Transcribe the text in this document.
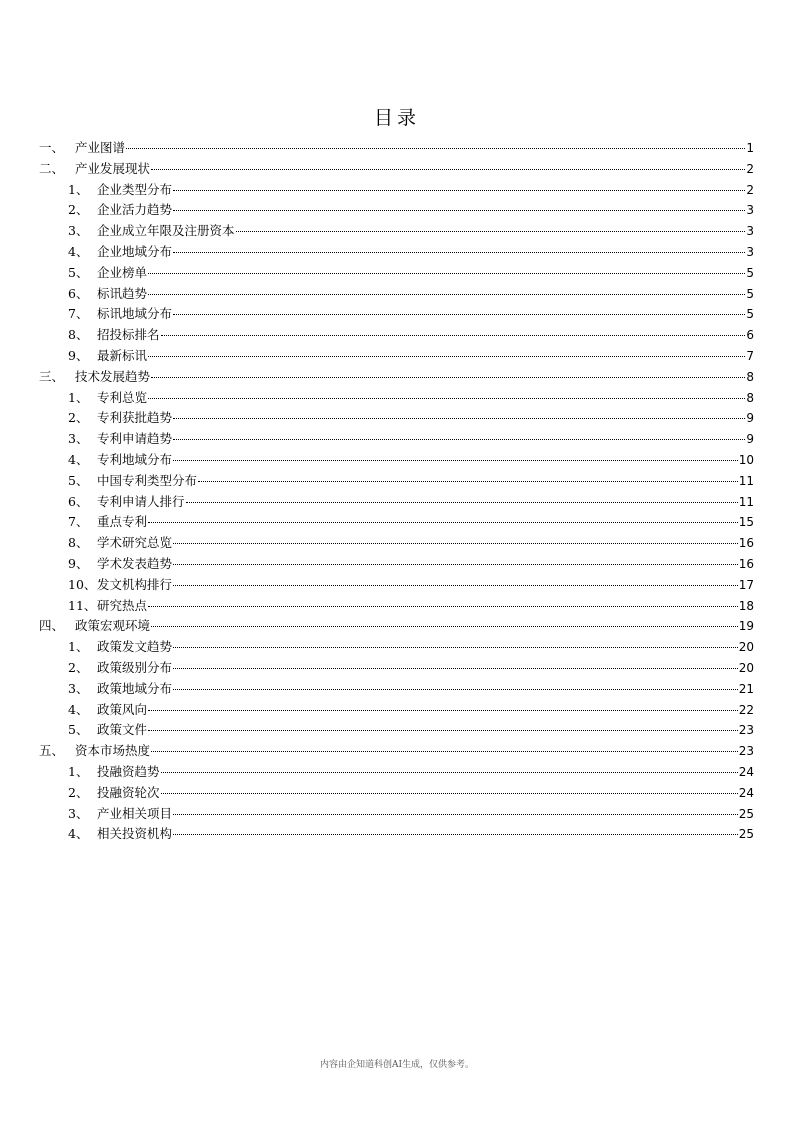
目录
一、 产业图谱	1
二、 产业发展现状	2
1、 企业类型分布	2
2、 企业活力趋势	3
3、 企业成立年限及注册资本	3
4、 企业地域分布	3
5、 企业榜单	5
6、 标讯趋势	5
7、 标讯地域分布	5
8、 招投标排名	6
9、 最新标讯	7
三、 技术发展趋势	8
1、 专利总览	8
2、 专利获批趋势	9
3、 专利申请趋势	9
4、 专利地域分布	10
5、 中国专利类型分布	11
6、 专利申请人排行	11
7、 重点专利	15
8、 学术研究总览	16
9、 学术发表趋势	16
10、 发文机构排行	17
11、 研究热点	18
四、 政策宏观环境	19
1、 政策发文趋势	20
2、 政策级别分布	20
3、 政策地域分布	21
4、 政策风向	22
5、 政策文件	23
五、 资本市场热度	23
1、 投融资趋势	24
2、 投融资轮次	24
3、 产业相关项目	25
4、 相关投资机构	25
内容由企知道科创AI生成，仅供参考。
